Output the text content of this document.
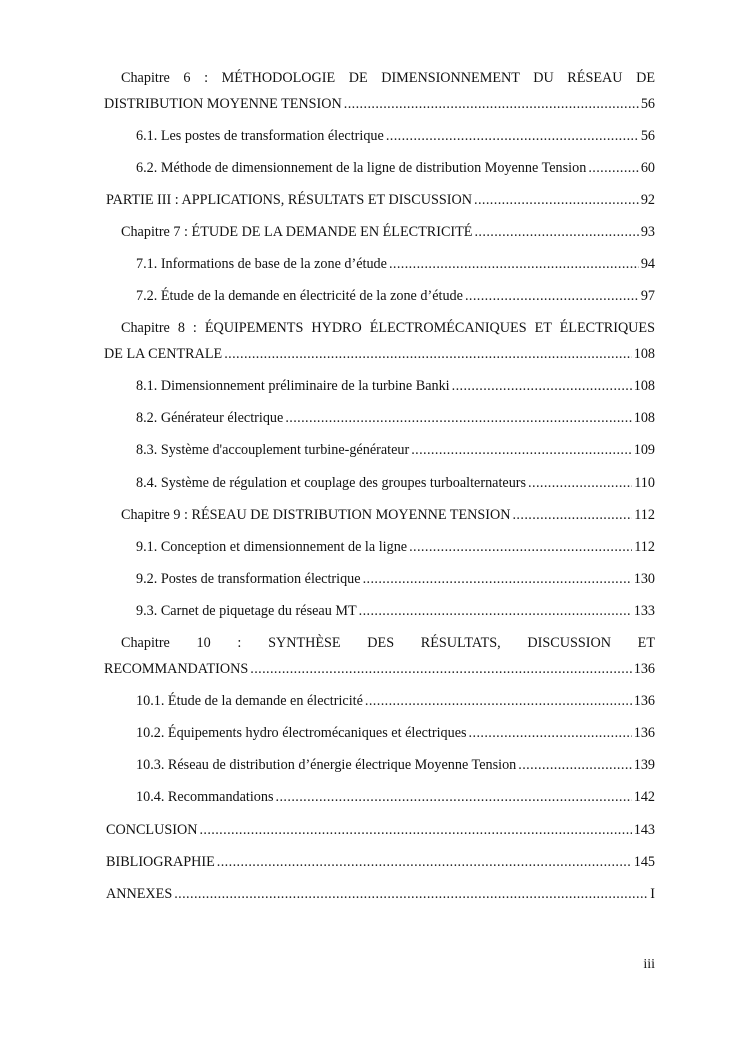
Chapitre 6 : MÉTHODOLOGIE DE DIMENSIONNEMENT DU RÉSEAU DE
DISTRIBUTION MOYENNE TENSION .....	56
6.1. Les postes de transformation électrique .....	56
6.2. Méthode de dimensionnement de la ligne de distribution Moyenne Tension .....	60
PARTIE III : APPLICATIONS, RÉSULTATS ET DISCUSSION .....	92
Chapitre 7 : ÉTUDE DE LA DEMANDE EN ÉLECTRICITÉ .....	93
7.1. Informations de base de la zone d’étude .....	94
7.2. Étude de la demande en électricité de la zone d’étude .....	97
Chapitre 8 : ÉQUIPEMENTS HYDRO ÉLECTROMÉCANIQUES ET ÉLECTRIQUES
DE LA CENTRALE .....	108
8.1. Dimensionnement préliminaire de la turbine Banki .....	108
8.2. Générateur électrique .....	108
8.3. Système d'accouplement turbine-générateur .....	109
8.4. Système de régulation et couplage des groupes turboalternateurs .....	110
Chapitre 9 : RÉSEAU DE DISTRIBUTION MOYENNE TENSION .....	112
9.1. Conception et dimensionnement de la ligne .....	112
9.2. Postes de transformation électrique .....	130
9.3. Carnet de piquetage du réseau MT .....	133
Chapitre 10 : SYNTHÈSE DES RÉSULTATS, DISCUSSION ET
RECOMMANDATIONS .....	136
10.1. Étude de la demande en électricité .....	136
10.2. Équipements hydro électromécaniques et électriques .....	136
10.3. Réseau de distribution d’énergie électrique Moyenne Tension .....	139
10.4. Recommandations .....	142
CONCLUSION .....	143
BIBLIOGRAPHIE .....	145
ANNEXES .....	I
iii
